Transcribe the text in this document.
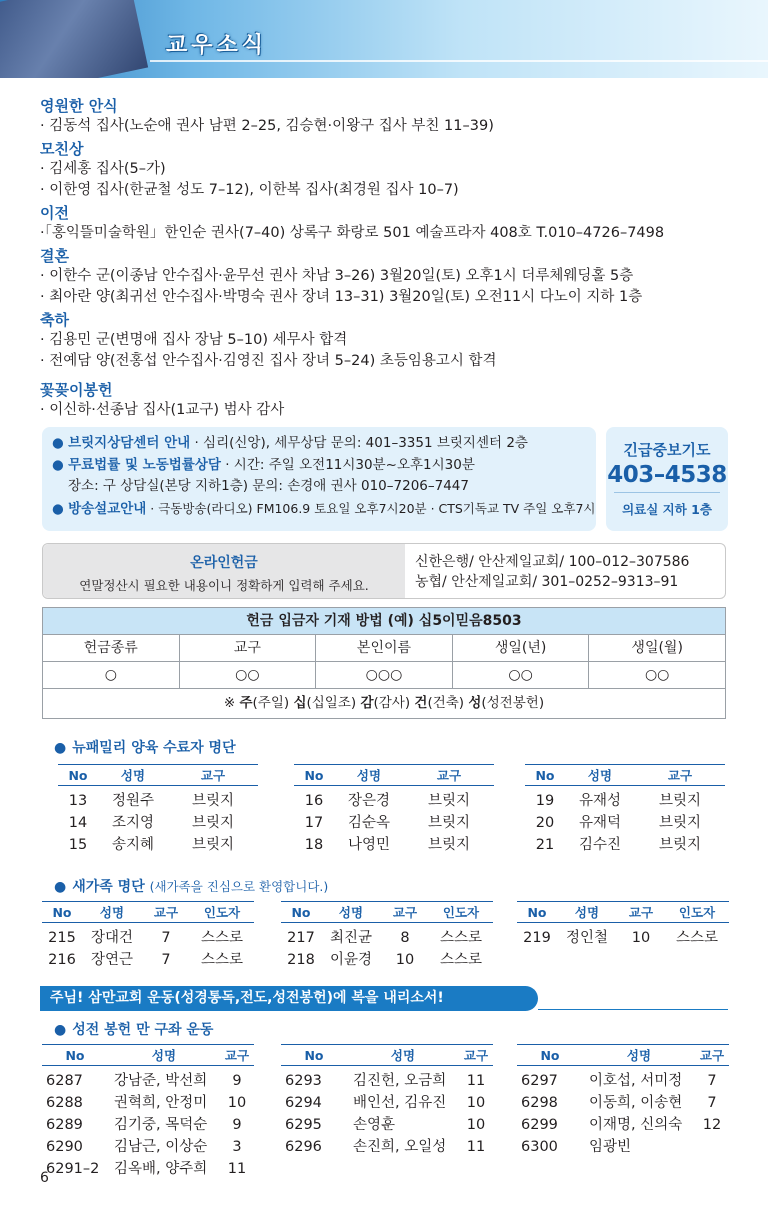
교우소식
영원한 안식

· 김동석 집사(노순애 권사 남편 2–25, 김승현·이왕구 집사 부친 11–39)

모친상

· 김세홍 집사(5–가)

· 이한영 집사(한균철 성도 7–12), 이한복 집사(최경원 집사 10–7)

이전

·「홍익뜰미술학원」한인순 권사(7–40) 상록구 화랑로 501 예술프라자 408호 T.010–4726–7498

결혼

· 이한수 군(이종남 안수집사·윤무선 권사 차남 3–26) 3월20일(토) 오후1시 더루체웨딩홀 5층

· 최아란 양(최귀선 안수집사·박명숙 권사 장녀 13–31) 3월20일(토) 오전11시 다노이 지하 1층

축하

· 김용민 군(변명애 집사 장남 5–10) 세무사 합격

· 전예담 양(전홍섭 안수집사·김영진 집사 장녀 5–24) 초등임용고시 합격

꽃꽂이봉헌

· 이신하·선종남 집사(1교구) 범사 감사

● 브릿지상담센터 안내 · 심리(신앙), 세무상담 문의: 401–3351 브릿지센터 2층

● 무료법률 및 노동법률상담 · 시간: 주일 오전11시30분~오후1시30분

장소: 구 상담실(본당 지하1층) 문의: 손경애 권사 010–7206–7447

● 방송설교안내 · 극동방송(라디오) FM106.9 토요일 오후7시20분 · CTS기독교 TV 주일 오후7시

긴급중보기도
403–4538
의료실 지하 1층
온라인헌금
연말정산시 필요한 내용이니 정확하게 입력해 주세요.
신한은행/ 안산제일교회/ 100–012–307586
농협/ 안산제일교회/ 301–0252–9313–91
헌금 입금자 기재 방법 (예) 십5이믿음8503
헌금종류	교구	본인이름	생일(년)	생일(월)
○	○○	○○○	○○	○○
※ 주(주일) 십(십일조) 감(감사) 건(건축) 성(성전봉헌)
● 뉴패밀리 양육 수료자 명단
No	성명	교구
13	정원주	브릿지
14	조지영	브릿지
15	송지혜	브릿지
No	성명	교구
16	장은경	브릿지
17	김순옥	브릿지
18	나영민	브릿지
No	성명	교구
19	유재성	브릿지
20	유재덕	브릿지
21	김수진	브릿지
● 새가족 명단 (새가족을 진심으로 환영합니다.)
No	성명	교구	인도자
215	장대건	7	스스로
216	장연근	7	스스로
No	성명	교구	인도자
217	최진균	8	스스로
218	이윤경	10	스스로
No	성명	교구	인도자
219	정인철	10	스스로
주님! 삼만교회 운동(성경통독,전도,성전봉헌)에 복을 내리소서!
● 성전 봉헌 만 구좌 운동
No	성명	교구
6287	강남준, 박선희	9
6288	권혁희, 안정미	10
6289	김기중, 목덕순	9
6290	김남근, 이상순	3
6291–2	김옥배, 양주희	11
No	성명	교구
6293	김진헌, 오금희	11
6294	배인선, 김유진	10
6295	손영훈	10
6296	손진희, 오일성	11
No	성명	교구
6297	이호섭, 서미정	7
6298	이동희, 이송현	7
6299	이재명, 신의숙	12
6300	임광빈
6
